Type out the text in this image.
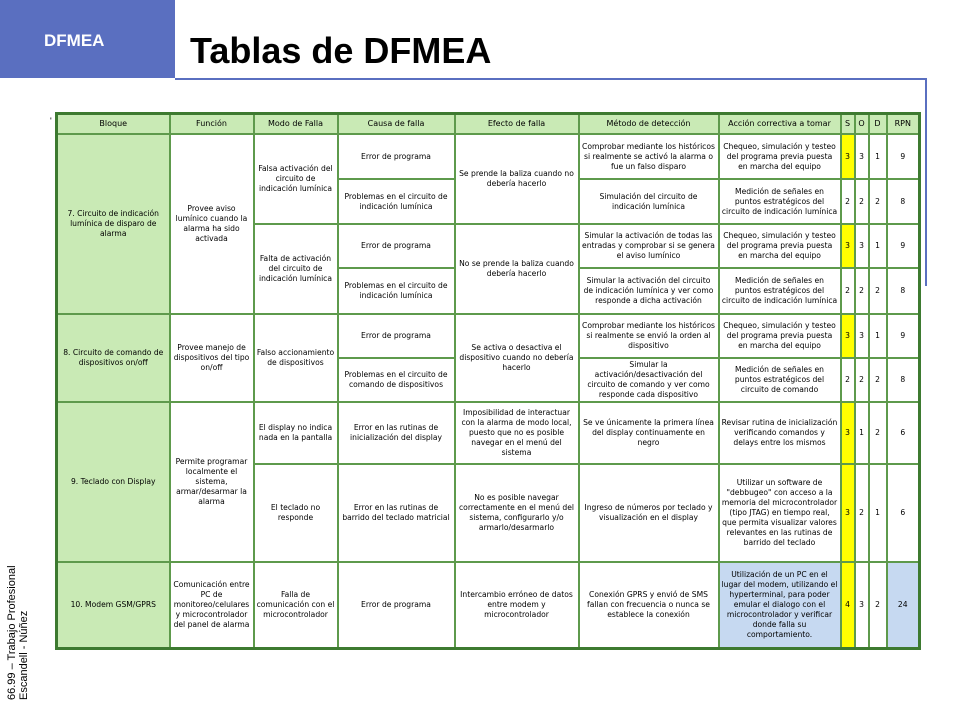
DFMEA Tablas de DFMEA
'
66.99 – Trabajo Profesional Escandell - Núñez
Bloque	Función	Modo de Falla	Causa de falla	Efecto de falla	Método de detección	Acción correctiva a tomar	S	O	D	RPN
7. Circuito de indicación lumínica de disparo de alarma	Provee aviso lumínico cuando la alarma ha sido activada	Falsa activación del circuito de indicación lumínica	Error de programa	Se prende la baliza cuando no debería hacerlo	Comprobar mediante los históricos si realmente se activó la alarma o fue un falso disparo	Chequeo, simulación y testeo del programa previa puesta en marcha del equipo	3	3	1	9
			Problemas en el circuito de indicación lumínica		Simulación del circuito de indicación lumínica	Medición de señales en puntos estratégicos del circuito de indicación lumínica	2	2	2	8
		Falta de activación del circuito de indicación lumínica	Error de programa	No se prende la baliza cuando debería hacerlo	Simular la activación de todas las entradas y comprobar si se genera el aviso lumínico	Chequeo, simulación y testeo del programa previa puesta en marcha del equipo	3	3	1	9
			Problemas en el circuito de indicación lumínica		Simular la activación del circuito de indicación lumínica y ver como responde a dicha activación	Medición de señales en puntos estratégicos del circuito de indicación lumínica	2	2	2	8
8. Circuito de comando de dispositivos on/off	Provee manejo de dispositivos del tipo on/off	Falso accionamiento de dispositivos	Error de programa	Se activa o desactiva el dispositivo cuando no debería hacerlo	Comprobar mediante los históricos si realmente se envió la orden al dispositivo	Chequeo, simulación y testeo del programa previa puesta en marcha del equipo	3	3	1	9
			Problemas en el circuito de comando de dispositivos		Simular la activación/desactivación del circuito de comando y ver como responde cada dispositivo	Medición de señales en puntos estratégicos del circuito de comando	2	2	2	8
9. Teclado con Display	Permite programar localmente el sistema, armar/desarmar la alarma	El display no indica nada en la pantalla	Error en las rutinas de inicialización del display	Imposibilidad de interactuar con la alarma de modo local, puesto que no es posible navegar en el menú del sistema	Se ve únicamente la primera línea del display continuamente en negro	Revisar rutina de inicialización verificando comandos y delays entre los mismos	3	1	2	6
		El teclado no responde	Error en las rutinas de barrido del teclado matricial	No es posible navegar correctamente en el menú del sistema, configurarlo y/o armarlo/desarmarlo	Ingreso de números por teclado y visualización en el display	Utilizar un software de "debbugeo" con acceso a la memoria del microcontrolador (tipo JTAG) en tiempo real, que permita visualizar valores relevantes en las rutinas de barrido del teclado	3	2	1	6
10. Modem GSM/GPRS	Comunicación entre PC de monitoreo/celulares y microcontrolador del panel de alarma	Falla de comunicación con el microcontrolador	Error de programa	Intercambio erróneo de datos entre modem y microcontrolador	Conexión GPRS y envió de SMS fallan con frecuencia o nunca se establece la conexión	Utilización de un PC en el lugar del modem, utilizando el hyperterminal, para poder emular el dialogo con el microcontrolador y verificar donde falla su comportamiento.	4	3	2	24
